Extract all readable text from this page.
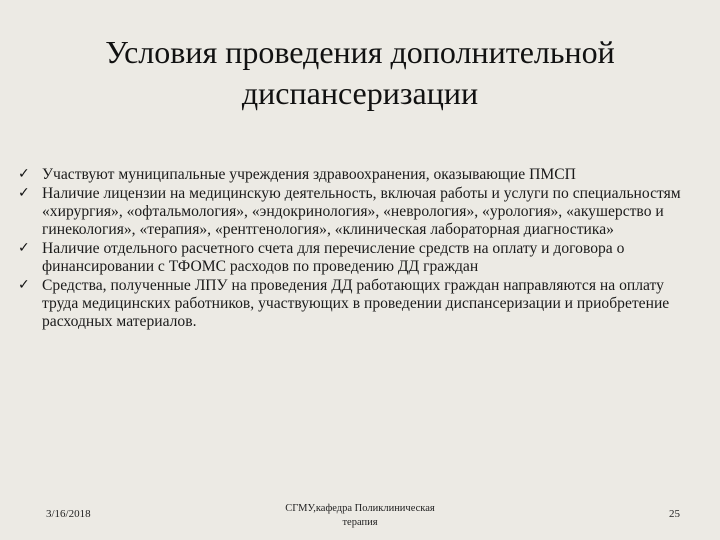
Условия проведения дополнительной
диспансеризации
✓ Участвуют муниципальные учреждения здравоохранения, оказывающие ПМСП
✓ Наличие лицензии на медицинскую деятельность, включая работы и услуги по специальностям «хирургия», «офтальмология», «эндокринология», «неврология», «урология», «акушерство и гинекология», «терапия», «рентгенология», «клиническая лабораторная диагностика»
✓ Наличие отдельного расчетного счета для перечисление средств на оплату и договора о финансировании с ТФОМС расходов по проведению ДД граждан
✓ Средства, полученные ЛПУ на проведения ДД работающих граждан направляются на оплату труда медицинских работников, участвующих в проведении диспансеризации и приобретение расходных материалов.
3/16/2018	СГМУ,кафедра Поликлиническая
терапия
25
